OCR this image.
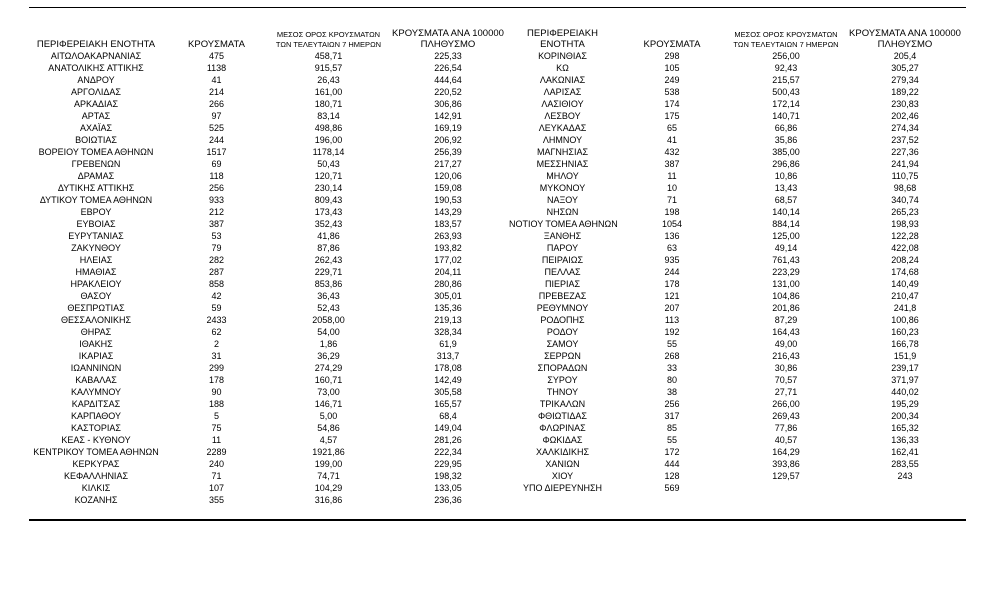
ΠΕΡΙΦΕΡΕΙΑΚΗ ΕΝΟΤΗΤΑ	ΚΡΟΥΣΜΑΤΑ	ΜΕΣΟΣ ΟΡΟΣ ΚΡΟΥΣΜΑΤΩΝ
ΤΩΝ ΤΕΛΕΥΤΑΙΩΝ 7 ΗΜΕΡΩΝ	ΚΡΟΥΣΜΑΤΑ ΑΝΑ 100000
ΠΛΗΘΥΣΜΟ
ΑΙΤΩΛΟΑΚΑΡΝΑΝΙΑΣ	475	458,71	225,33
ΑΝΑΤΟΛΙΚΗΣ ΑΤΤΙΚΗΣ	1138	915,57	226,54
ΑΝΔΡΟΥ	41	26,43	444,64
ΑΡΓΟΛΙΔΑΣ	214	161,00	220,52
ΑΡΚΑΔΙΑΣ	266	180,71	306,86
ΑΡΤΑΣ	97	83,14	142,91
ΑΧΑΪΑΣ	525	498,86	169,19
ΒΟΙΩΤΙΑΣ	244	196,00	206,92
ΒΟΡΕΙΟΥ ΤΟΜΕΑ ΑΘΗΝΩΝ	1517	1178,14	256,39
ΓΡΕΒΕΝΩΝ	69	50,43	217,27
ΔΡΑΜΑΣ	118	120,71	120,06
ΔΥΤΙΚΗΣ ΑΤΤΙΚΗΣ	256	230,14	159,08
ΔΥΤΙΚΟΥ ΤΟΜΕΑ ΑΘΗΝΩΝ	933	809,43	190,53
ΕΒΡΟΥ	212	173,43	143,29
ΕΥΒΟΙΑΣ	387	352,43	183,57
ΕΥΡΥΤΑΝΙΑΣ	53	41,86	263,93
ΖΑΚΥΝΘΟΥ	79	87,86	193,82
ΗΛΕΙΑΣ	282	262,43	177,02
ΗΜΑΘΙΑΣ	287	229,71	204,11
ΗΡΑΚΛΕΙΟΥ	858	853,86	280,86
ΘΑΣΟΥ	42	36,43	305,01
ΘΕΣΠΡΩΤΙΑΣ	59	52,43	135,36
ΘΕΣΣΑΛΟΝΙΚΗΣ	2433	2058,00	219,13
ΘΗΡΑΣ	62	54,00	328,34
ΙΘΑΚΗΣ	2	1,86	61,9
ΙΚΑΡΙΑΣ	31	36,29	313,7
ΙΩΑΝΝΙΝΩΝ	299	274,29	178,08
ΚΑΒΑΛΑΣ	178	160,71	142,49
ΚΑΛΥΜΝΟΥ	90	73,00	305,58
ΚΑΡΔΙΤΣΑΣ	188	146,71	165,57
ΚΑΡΠΑΘΟΥ	5	5,00	68,4
ΚΑΣΤΟΡΙΑΣ	75	54,86	149,04
ΚΕΑΣ - ΚΥΘΝΟΥ	11	4,57	281,26
ΚΕΝΤΡΙΚΟΥ ΤΟΜΕΑ ΑΘΗΝΩΝ	2289	1921,86	222,34
ΚΕΡΚΥΡΑΣ	240	199,00	229,95
ΚΕΦΑΛΛΗΝΙΑΣ	71	74,71	198,32
ΚΙΛΚΙΣ	107	104,29	133,05
ΚΟΖΑΝΗΣ	355	316,86	236,36
ΠΕΡΙΦΕΡΕΙΑΚΗ ΕΝΟΤΗΤΑ	ΚΡΟΥΣΜΑΤΑ	ΜΕΣΟΣ ΟΡΟΣ ΚΡΟΥΣΜΑΤΩΝ
ΤΩΝ ΤΕΛΕΥΤΑΙΩΝ 7 ΗΜΕΡΩΝ	ΚΡΟΥΣΜΑΤΑ ΑΝΑ 100000
ΠΛΗΘΥΣΜΟ
ΚΟΡΙΝΘΙΑΣ	298	256,00	205,4
ΚΩ	105	92,43	305,27
ΛΑΚΩΝΙΑΣ	249	215,57	279,34
ΛΑΡΙΣΑΣ	538	500,43	189,22
ΛΑΣΙΘΙΟΥ	174	172,14	230,83
ΛΕΣΒΟΥ	175	140,71	202,46
ΛΕΥΚΑΔΑΣ	65	66,86	274,34
ΛΗΜΝΟΥ	41	35,86	237,52
ΜΑΓΝΗΣΙΑΣ	432	385,00	227,36
ΜΕΣΣΗΝΙΑΣ	387	296,86	241,94
ΜΗΛΟΥ	11	10,86	110,75
ΜΥΚΟΝΟΥ	10	13,43	98,68
ΝΑΞΟΥ	71	68,57	340,74
ΝΗΣΩΝ	198	140,14	265,23
ΝΟΤΙΟΥ ΤΟΜΕΑ ΑΘΗΝΩΝ	1054	884,14	198,93
ΞΑΝΘΗΣ	136	125,00	122,28
ΠΑΡΟΥ	63	49,14	422,08
ΠΕΙΡΑΙΩΣ	935	761,43	208,24
ΠΕΛΛΑΣ	244	223,29	174,68
ΠΙΕΡΙΑΣ	178	131,00	140,49
ΠΡΕΒΕΖΑΣ	121	104,86	210,47
ΡΕΘΥΜΝΟΥ	207	201,86	241,8
ΡΟΔΟΠΗΣ	113	87,29	100,86
ΡΟΔΟΥ	192	164,43	160,23
ΣΑΜΟΥ	55	49,00	166,78
ΣΕΡΡΩΝ	268	216,43	151,9
ΣΠΟΡΑΔΩΝ	33	30,86	239,17
ΣΥΡΟΥ	80	70,57	371,97
ΤΗΝΟΥ	38	27,71	440,02
ΤΡΙΚΑΛΩΝ	256	266,00	195,29
ΦΘΙΩΤΙΔΑΣ	317	269,43	200,34
ΦΛΩΡΙΝΑΣ	85	77,86	165,32
ΦΩΚΙΔΑΣ	55	40,57	136,33
ΧΑΛΚΙΔΙΚΗΣ	172	164,29	162,41
ΧΑΝΙΩΝ	444	393,86	283,55
ΧΙΟΥ	128	129,57	243
ΥΠΟ ΔΙΕΡΕΥΝΗΣΗ	569		
